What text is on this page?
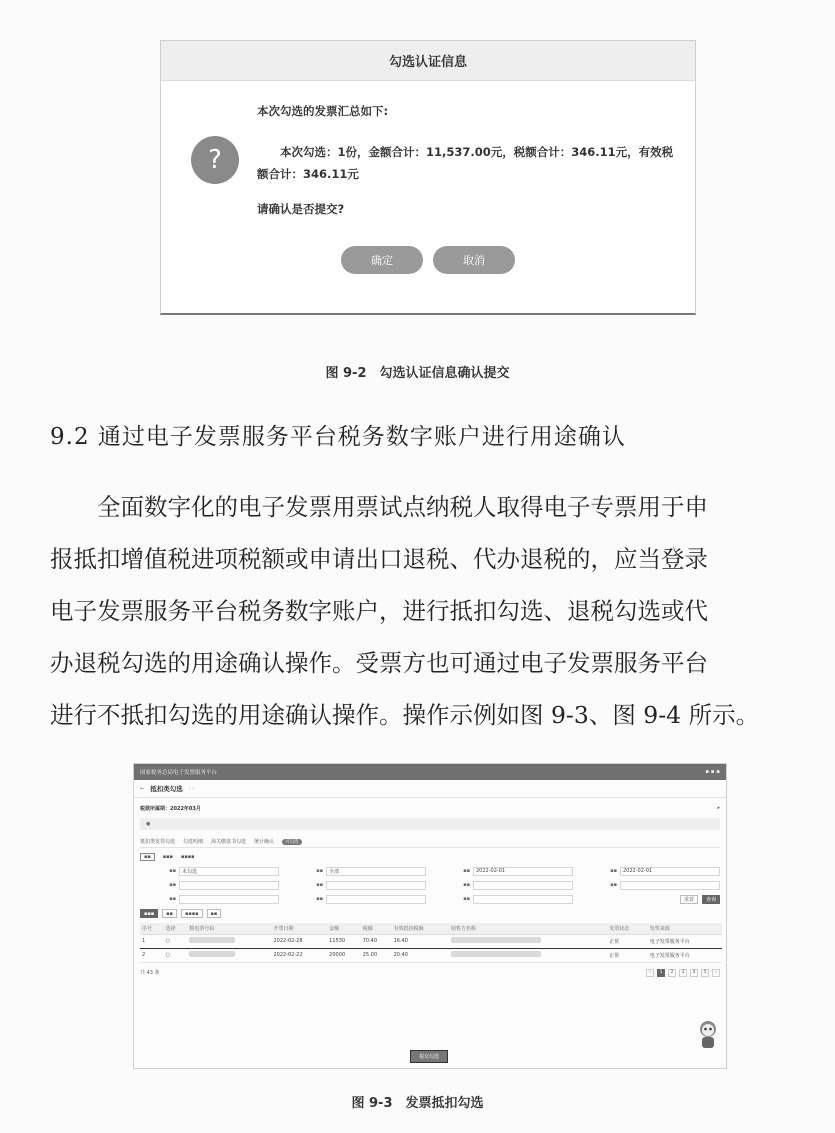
勾选认证信息
?
本次勾选的发票汇总如下:
本次勾选：1份，金额合计：11,537.00元，税额合计：346.11元，有效税额合计：346.11元
请确认是否提交?
确定	取消
图 9-2　勾选认证信息确认提交
9.2 通过电子发票服务平台税务数字账户进行用途确认
　　全面数字化的电子发票用票试点纳税人取得电子专票用于申
报抵扣增值税进项税额或申请出口退税、代办退税的，应当登录
电子发票服务平台税务数字账户，进行抵扣勾选、退税勾选或代
办退税勾选的用途确认操作。受票方也可通过电子发票服务平台
进行不抵扣勾选的用途确认操作。操作示例如图 9-3、图 9-4 所示。
国家税务总局电子发票服务平台	▪ ▪ ▪
← 抵扣类勾选 › ›
税款所属期：2022年03月	▸
●
抵扣类发票勾选 勾选明细 海关缴款书勾选 统计确认	可勾选
▪▪	▪▪▪ ▪▪▪▪
▪▪	未勾选	▪▪	全部	▪▪	2022-02-01	▪▪	2022-02-01
▪▪	▪▪	▪▪	▪▪
▪▪	▪▪	▪▪	重置	查询
▪▪▪	▪▪	▪▪▪▪	▪▪
序号	选择	数电票号码	开票日期	金额	税额	有效抵扣税额	销售方名称	发票状态	发票来源
1	○		2022-02-28	11530	70.40	16.40		正常	电子发票服务平台
2	○		2022-02-22	20000	25.00	20.40		正常	电子发票服务平台
共 43 条	‹	1	2	3	4	5	›
提交勾选
图 9-3　发票抵扣勾选
